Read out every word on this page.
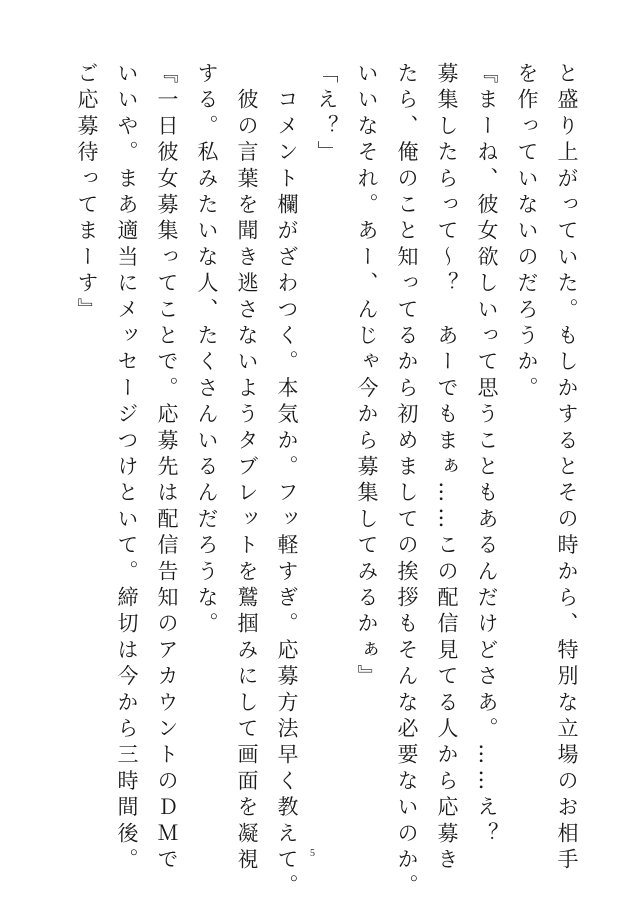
と盛り上がっていた。もしかするとその時から、特別な立場のお相手
を作っていないのだろうか。
『まーね、彼女欲しいって思うこともあるんだけどさあ。……え？
募集したらって〜？　あーでもまぁ……この配信見てる人から応募き
たら、俺のこと知ってるから初めましての挨拶もそんな必要ないのか。
いいなそれ。あー、んじゃ今から募集してみるかぁ』
「え？」
　コメント欄がざわつく。本気か。フッ軽すぎ。応募方法早く教えて。
　彼の言葉を聞き逃さないようタブレットを鷲掴みにして画面を凝視
する。私みたいな人、たくさんいるんだろうな。
『一日彼女募集ってことで。応募先は配信告知のアカウントのＤＭで
いいや。まあ適当にメッセージつけといて。締切は今から三時間後。
ご応募待ってまーす』
5
